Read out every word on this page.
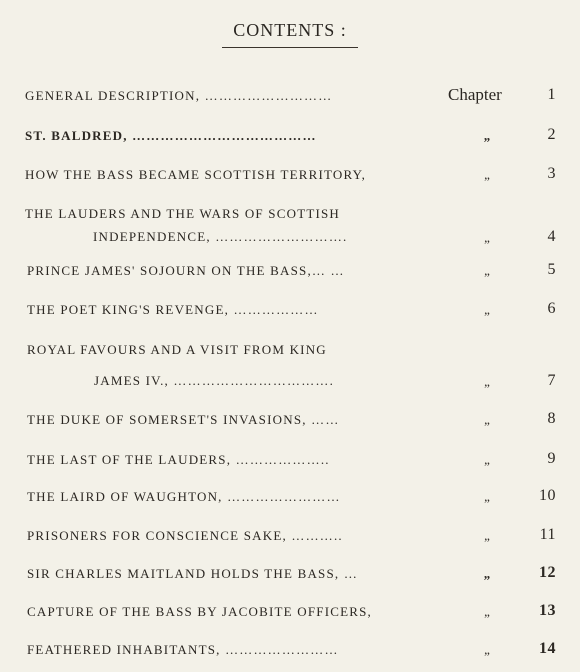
CONTENTS :
GENERAL DESCRIPTION, ………………………	Chapter	1
ST. BALDRED, …………………………………	„	2
HOW THE BASS BECAME SCOTTISH TERRITORY,	„	3
THE LAUDERS AND THE WARS OF SCOTTISH
INDEPENDENCE, ……………………….	„	4
PRINCE JAMES' SOJOURN ON THE BASS,… …	„	5
THE POET KING'S REVENGE, ………………	„	6
ROYAL FAVOURS AND A VISIT FROM KING
JAMES IV., …………………………….	„	7
THE DUKE OF SOMERSET'S INVASIONS, ……	„	8
THE LAST OF THE LAUDERS, ………………..	„	9
THE LAIRD OF WAUGHTON, ……………………	„	10
PRISONERS FOR CONSCIENCE SAKE, ………..	„	11
SIR CHARLES MAITLAND HOLDS THE BASS, …	„	12
CAPTURE OF THE BASS BY JACOBITE OFFICERS,	„	13
FEATHERED INHABITANTS, ……………………	„	14
